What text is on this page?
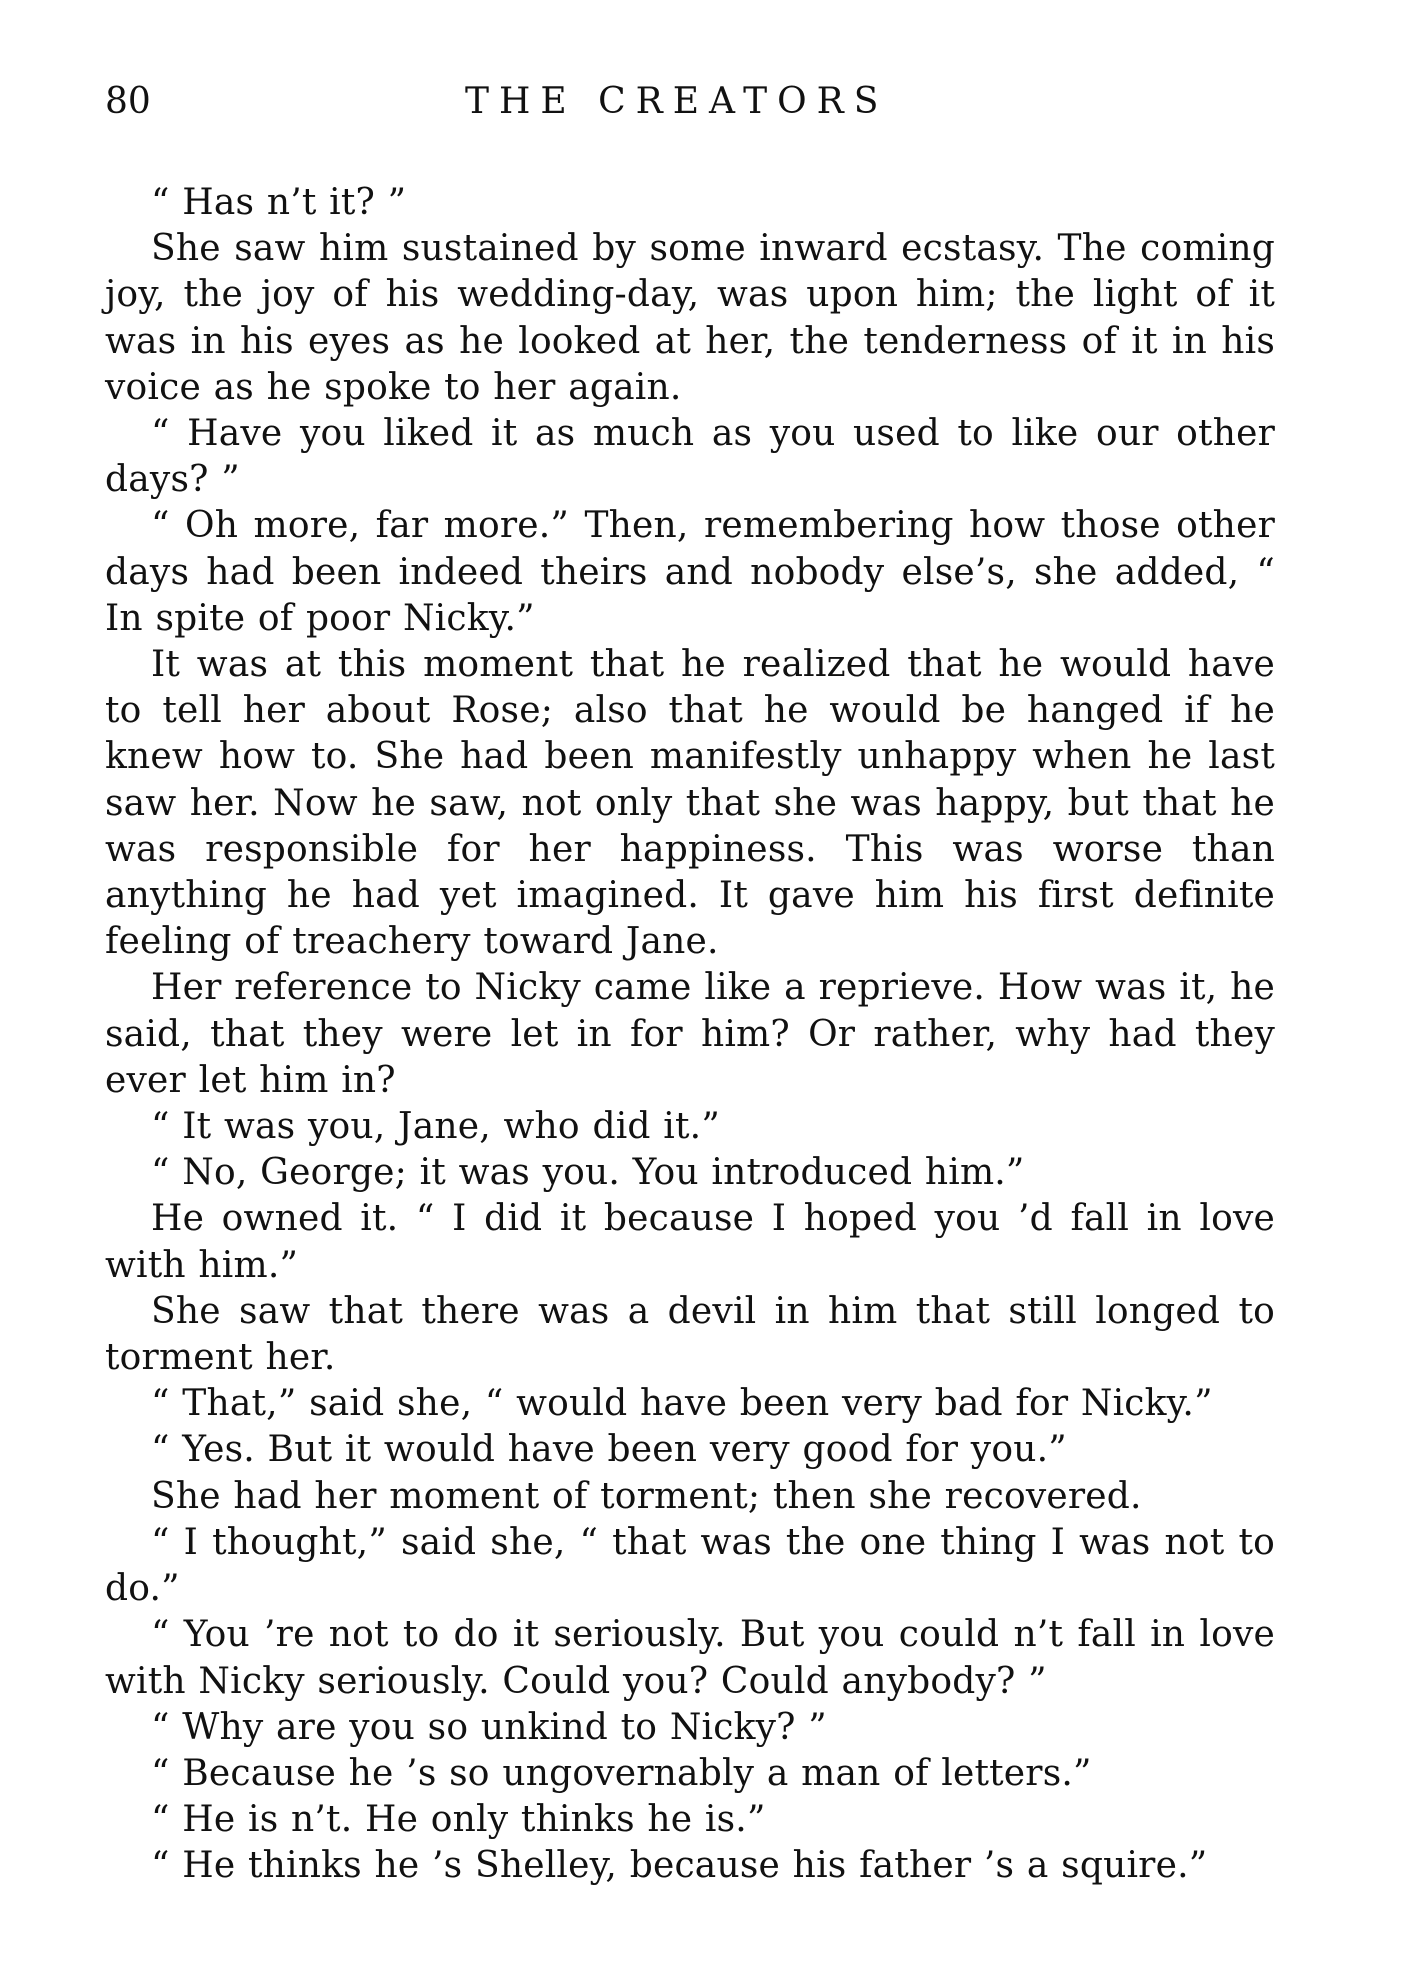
80	THE CREATORS

“ Has n’t it? ”

She saw him sustained by some inward ecstasy. The coming joy, the joy of his wedding-day, was upon him; the light of it was in his eyes as he looked at her, the tenderness of it in his voice as he spoke to her again.

“ Have you liked it as much as you used to like our other days? ”

“ Oh more, far more.” Then, remembering how those other days had been indeed theirs and nobody else’s, she added, “ In spite of poor Nicky.”

It was at this moment that he realized that he would have to tell her about Rose; also that he would be hanged if he knew how to. She had been manifestly unhappy when he last saw her. Now he saw, not only that she was happy, but that he was responsible for her happiness. This was worse than anything he had yet imagined. It gave him his first definite feeling of treachery toward Jane.

Her reference to Nicky came like a reprieve. How was it, he said, that they were let in for him? Or rather, why had they ever let him in?

“ It was you, Jane, who did it.”

“ No, George; it was you. You introduced him.”

He owned it. “ I did it because I hoped you ’d fall in love with him.”

She saw that there was a devil in him that still longed to torment her.

“ That,” said she, “ would have been very bad for Nicky.”

“ Yes. But it would have been very good for you.”

She had her moment of torment; then she recovered.

“ I thought,” said she, “ that was the one thing I was not to do.”

“ You ’re not to do it seriously. But you could n’t fall in love with Nicky seriously. Could you? Could anybody? ”

“ Why are you so unkind to Nicky? ”

“ Because he ’s so ungovernably a man of letters.”

“ He is n’t. He only thinks he is.”

“ He thinks he ’s Shelley, because his father ’s a squire.”
